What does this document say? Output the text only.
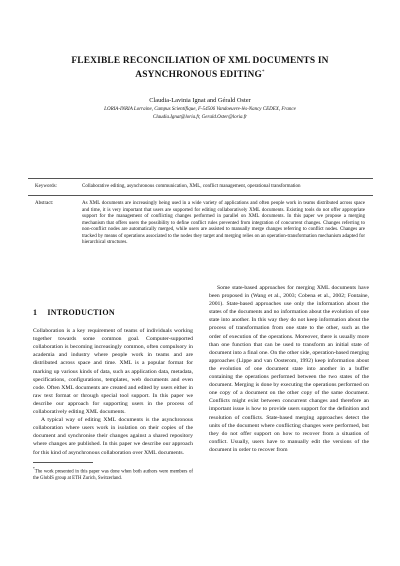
FLEXIBLE RECONCILIATION OF XML DOCUMENTS IN
ASYNCHRONOUS EDITING*
Claudia-Lavinia Ignat and Gérald Oster
LORIA-INRIA Lorraine, Campus Scientifique, F-54506 Vandoeuvre-lès-Nancy CEDEX, France
Claudia.Ignat@loria.fr, Gerald.Oster@loria.fr
Keywords:	Collaborative editing, asynchronous communication, XML, conflict management, operational transformation
Abstract:	As XML documents are increasingly being used in a wide variety of applications and often people work in teams distributed across space and time, it is very important that users are supported for editing collaboratively XML documents. Existing tools do not offer appropriate support for the management of conflicting changes performed in parallel on XML documents. In this paper we propose a merging mechanism that offers users the possibility to define conflict rules prevented from integration of concurrent changes. Changes referring to non-conflict nodes are automatically merged, while users are assisted to manually merge changes referring to conflict nodes. Changes are tracked by means of operations associated to the nodes they target and merging relies on an operation-transformation mechanism adapted for hierarchical structures.
1 INTRODUCTION

Collaboration is a key requirement of teams of individuals working together towards some common goal. Computer-supported collaboration is becoming increasingly common, often compulsory in academia and industry where people work in teams and are distributed across space and time. XML is a popular format for marking up various kinds of data, such as application data, metadata, specifications, configurations, templates, web documents and even code. Often XML documents are created and edited by users either in raw text format or through special tool support. In this paper we describe our approach for supporting users in the process of collaboratively editing XML documents.

A typical way of editing XML documents is the asynchronous collaboration where users work in isolation on their copies of the document and synchronise their changes against a shared repository where changes are published. In this paper we describe our approach for this kind of asynchronous collaboration over XML documents.

*The work presented in this paper was done when both authors were members of the GlobIS group at ETH Zurich, Switzerland.

Some state-based approaches for merging XML documents have been proposed in (Wang et al., 2003; Cobena et al., 2002; Fontaine, 2001). State-based approaches use only the information about the states of the documents and no information about the evolution of one state into another. In this way they do not keep information about the process of transformation from one state to the other, such as the order of execution of the operations. Moreover, there is usually more than one function that can be used to transform an initial state of document into a final one. On the other side, operation-based merging approaches (Lippe and van Oosterom, 1992) keep information about the evolution of one document state into another in a buffer containing the operations performed between the two states of the document. Merging is done by executing the operations performed on one copy of a document on the other copy of the same document. Conflicts might exist between concurrent changes and therefore an important issue is how to provide users support for the definition and resolution of conflicts. State-based merging approaches detect the units of the document where conflicting changes were performed, but they do not offer support on how to recover from a situation of conflict. Usually, users have to manually edit the versions of the document in order to recover from
